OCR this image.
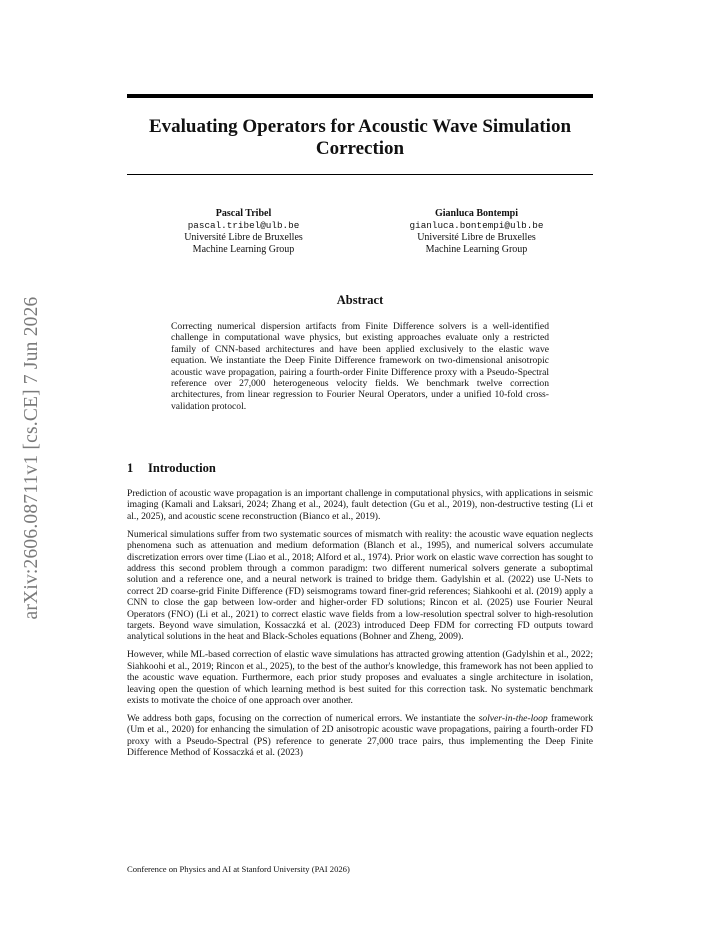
arXiv:2606.08711v1 [cs.CE] 7 Jun 2026
Evaluating Operators for Acoustic Wave Simulation Correction
Pascal Tribel
pascal.tribel@ulb.be
Université Libre de Bruxelles
Machine Learning Group
Gianluca Bontempi
gianluca.bontempi@ulb.be
Université Libre de Bruxelles
Machine Learning Group
Abstract
Correcting numerical dispersion artifacts from Finite Difference solvers is a well-identified challenge in computational wave physics, but existing approaches evaluate only a restricted family of CNN-based architectures and have been applied exclusively to the elastic wave equation. We instantiate the Deep Finite Difference framework on two-dimensional anisotropic acoustic wave propagation, pairing a fourth-order Finite Difference proxy with a Pseudo-Spectral reference over 27,000 heterogeneous velocity fields. We benchmark twelve correction architectures, from linear regression to Fourier Neural Operators, under a unified 10-fold cross-validation protocol.
1 Introduction

Prediction of acoustic wave propagation is an important challenge in computational physics, with applications in seismic imaging (Kamali and Laksari, 2024; Zhang et al., 2024), fault detection (Gu et al., 2019), non-destructive testing (Li et al., 2025), and acoustic scene reconstruction (Bianco et al., 2019).

Numerical simulations suffer from two systematic sources of mismatch with reality: the acoustic wave equation neglects phenomena such as attenuation and medium deformation (Blanch et al., 1995), and numerical solvers accumulate discretization errors over time (Liao et al., 2018; Alford et al., 1974). Prior work on elastic wave correction has sought to address this second problem through a common paradigm: two different numerical solvers generate a suboptimal solution and a reference one, and a neural network is trained to bridge them. Gadylshin et al. (2022) use U-Nets to correct 2D coarse-grid Finite Difference (FD) seismograms toward finer-grid references; Siahkoohi et al. (2019) apply a CNN to close the gap between low-order and higher-order FD solutions; Rincon et al. (2025) use Fourier Neural Operators (FNO) (Li et al., 2021) to correct elastic wave fields from a low-resolution spectral solver to high-resolution targets. Beyond wave simulation, Kossaczká et al. (2023) introduced Deep FDM for correcting FD outputs toward analytical solutions in the heat and Black-Scholes equations (Bohner and Zheng, 2009).

However, while ML-based correction of elastic wave simulations has attracted growing attention (Gadylshin et al., 2022; Siahkoohi et al., 2019; Rincon et al., 2025), to the best of the author's knowledge, this framework has not been applied to the acoustic wave equation. Furthermore, each prior study proposes and evaluates a single architecture in isolation, leaving open the question of which learning method is best suited for this correction task. No systematic benchmark exists to motivate the choice of one approach over another.

We address both gaps, focusing on the correction of numerical errors. We instantiate the solver-in-the-loop framework (Um et al., 2020) for enhancing the simulation of 2D anisotropic acoustic wave propagations, pairing a fourth-order FD proxy with a Pseudo-Spectral (PS) reference to generate 27,000 trace pairs, thus implementing the Deep Finite Difference Method of Kossaczká et al. (2023)

Conference on Physics and AI at Stanford University (PAI 2026)
